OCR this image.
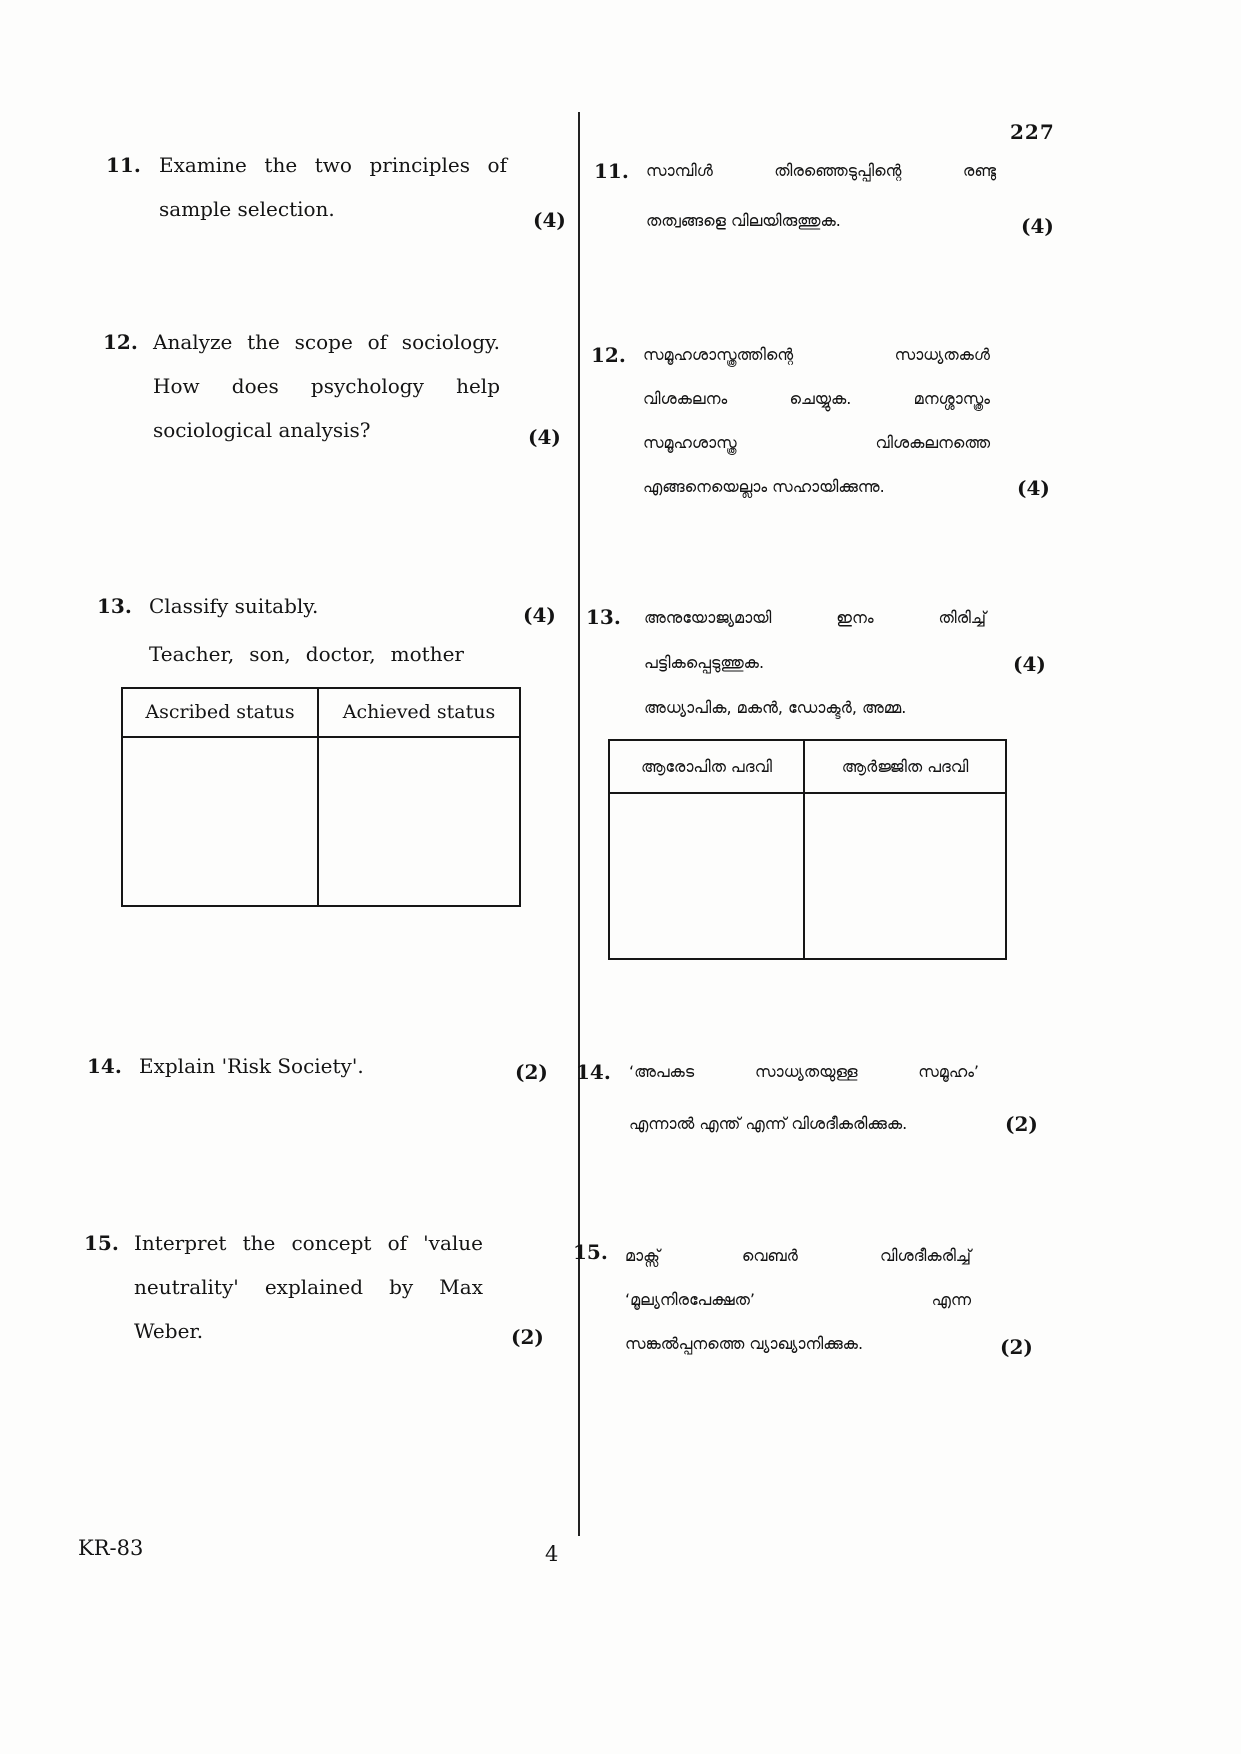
227
11. Examine the two principles of
sample selection.	(4)
12. Analyze the scope of sociology.
How does psychology help
sociological analysis?	(4)
13. Classify suitably.
Teacher, son, doctor, mother
(4)
Ascribed status	Achieved status
14. Explain 'Risk Society'.	(2)
15. Interpret the concept of 'value
neutrality' explained by Max
Weber.	(2)
11. സാമ്പിൾ തിരഞ്ഞെടുപ്പിന്റെ രണ്ടു
തത്വങ്ങളെ വിലയിരുത്തുക.	(4)
12. സമൂഹശാസ്ത്രത്തിന്റെ സാധ്യതകൾ
വിശകലനം ചെയ്യുക. മനശ്ശാസ്ത്രം
സമൂഹശാസ്ത്ര വിശകലനത്തെ
എങ്ങനെയെല്ലാം സഹായിക്കുന്നു.	(4)
13. അനുയോജ്യമായി ഇനം തിരിച്ച്
പട്ടികപ്പെടുത്തുക.
അധ്യാപിക, മകൻ, ഡോക്ടർ, അമ്മ.
(4)
ആരോപിത പദവി	ആർജ്ജിത പദവി
14. ‘അപകട സാധ്യതയുള്ള സമൂഹം’
എന്നാൽ എന്ത് എന്ന് വിശദീകരിക്കുക.	(2)
15. മാക്സ് വെബർ വിശദീകരിച്ച്
‘മൂല്യനിരപേക്ഷത’ എന്ന
സങ്കൽപ്പനത്തെ വ്യാഖ്യാനിക്കുക.	(2)
KR-83	4
